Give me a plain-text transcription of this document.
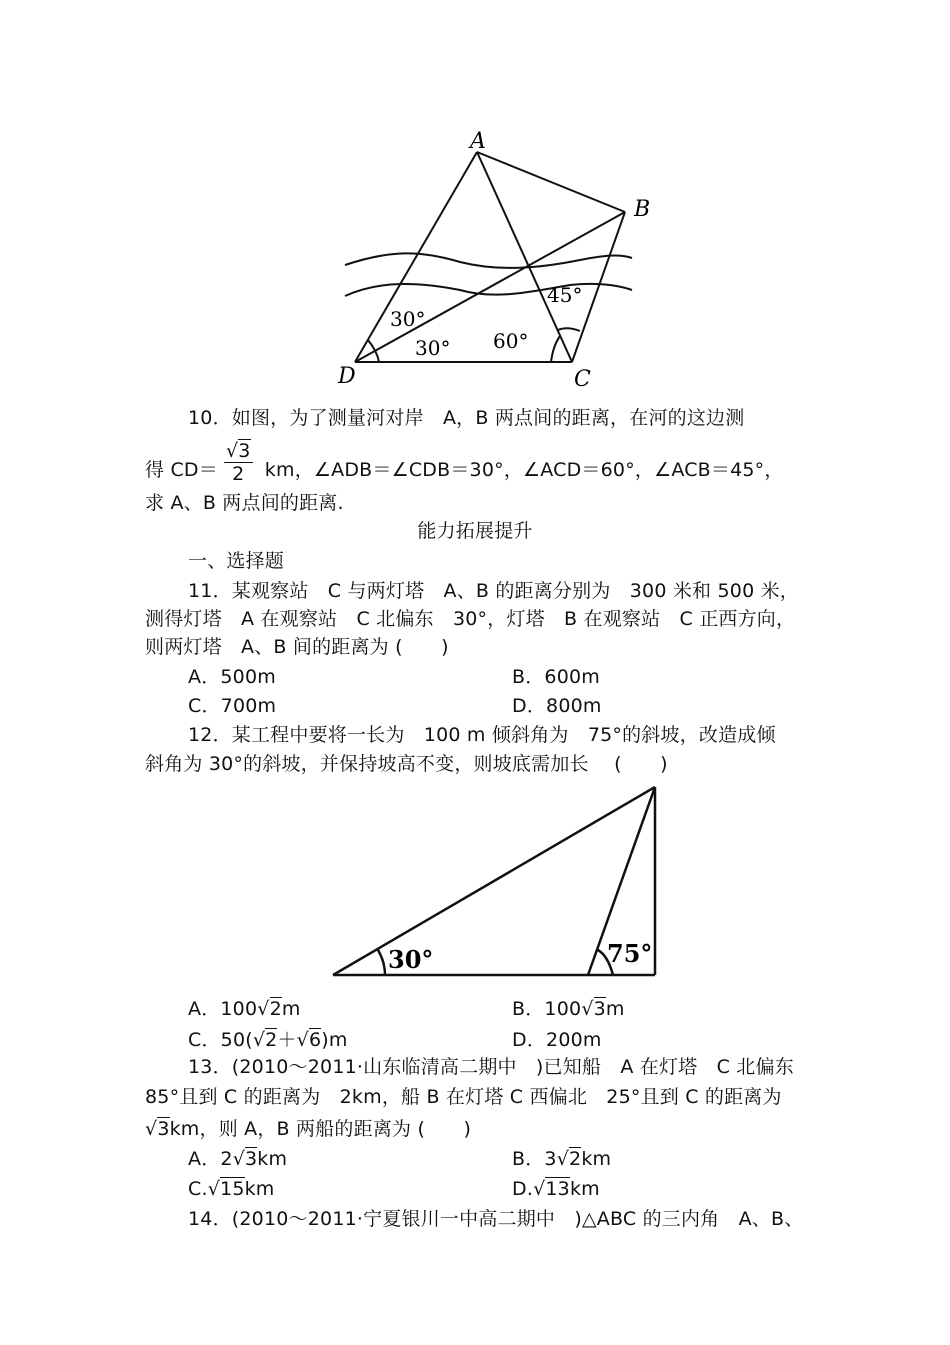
A
B
C
D
30°
30° 60°
45°
10．如图，为了测量河对岸　A，B 两点间的距离，在河的这边测
得 $CD= \frac{√3}{2}$ km，∠ADB＝∠CDB＝30°，∠ACD＝60°，∠ACB＝45°，
求 A、B 两点间的距离.
能力拓展提升
一、选择题
11．某观察站　C 与两灯塔　A、B 的距离分别为　300 米和 500 米，
测得灯塔　A 在观察站　C 北偏东　30°，灯塔　B 在观察站　C 正西方向，
则两灯塔　A、B 间的距离为 (　　)
A．500m	B．600m
C．700m	D．800m
12．某工程中要将一长为　100 m 倾斜角为　75°的斜坡，改造成倾
斜角为 30°的斜坡，并保持坡高不变，则坡底需加长　 (　　)
30°	75°
A．100√2m	B．100√3m
C．50(√2＋√6)m	D．200m
13．(2010～2011·山东临清高二期中　)已知船　A 在灯塔　C 北偏东
85°且到 C 的距离为　2km，船 B 在灯塔 C 西偏北　25°且到 C 的距离为
√3km，则 A，B 两船的距离为 (　　)
A．2√3km	B．3√2km
C.√15km	D.√13km
14．(2010～2011·宁夏银川一中高二期中　)△ABC 的三内角　A、B、
